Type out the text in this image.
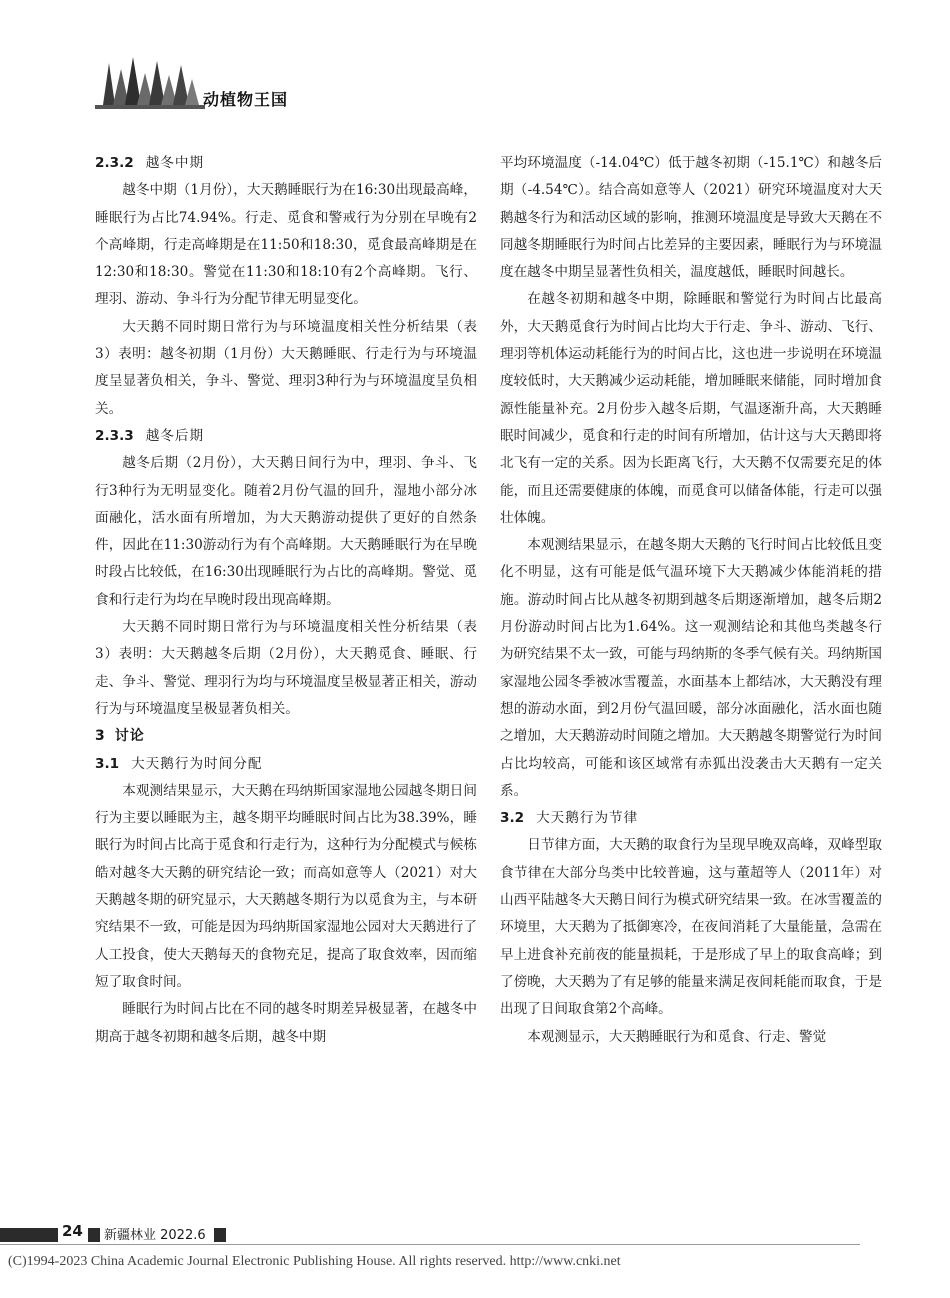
动植物王国
2.3.2 越冬中期

越冬中期（1月份），大天鹅睡眠行为在16:30出现最高峰，睡眠行为占比74.94%。行走、觅食和警戒行为分别在早晚有2个高峰期，行走高峰期是在11:50和18:30，觅食最高峰期是在12:30和18:30。警觉在11:30和18:10有2个高峰期。飞行、理羽、游动、争斗行为分配节律无明显变化。

大天鹅不同时期日常行为与环境温度相关性分析结果（表3）表明：越冬初期（1月份）大天鹅睡眠、行走行为与环境温度呈显著负相关，争斗、警觉、理羽3种行为与环境温度呈负相关。

2.3.3 越冬后期

越冬后期（2月份），大天鹅日间行为中，理羽、争斗、飞行3种行为无明显变化。随着2月份气温的回升，湿地小部分冰面融化，活水面有所增加，为大天鹅游动提供了更好的自然条件，因此在11:30游动行为有个高峰期。大天鹅睡眠行为在早晚时段占比较低，在16:30出现睡眠行为占比的高峰期。警觉、觅食和行走行为均在早晚时段出现高峰期。

大天鹅不同时期日常行为与环境温度相关性分析结果（表3）表明：大天鹅越冬后期（2月份），大天鹅觅食、睡眠、行走、争斗、警觉、理羽行为均与环境温度呈极显著正相关，游动行为与环境温度呈极显著负相关。

3 讨论
3.1 大天鹅行为时间分配

本观测结果显示，大天鹅在玛纳斯国家湿地公园越冬期日间行为主要以睡眠为主，越冬期平均睡眠时间占比为38.39%，睡眠行为时间占比高于觅食和行走行为，这种行为分配模式与候栋皓对越冬大天鹅的研究结论一致；而高如意等人（2021）对大天鹅越冬期的研究显示，大天鹅越冬期行为以觅食为主，与本研究结果不一致，可能是因为玛纳斯国家湿地公园对大天鹅进行了人工投食，使大天鹅每天的食物充足，提高了取食效率，因而缩短了取食时间。

睡眠行为时间占比在不同的越冬时期差异极显著，在越冬中期高于越冬初期和越冬后期，越冬中期

平均环境温度（-14.04℃）低于越冬初期（-15.1℃）和越冬后期（-4.54℃）。结合高如意等人（2021）研究环境温度对大天鹅越冬行为和活动区域的影响，推测环境温度是导致大天鹅在不同越冬期睡眠行为时间占比差异的主要因素，睡眠行为与环境温度在越冬中期呈显著性负相关，温度越低，睡眠时间越长。

在越冬初期和越冬中期，除睡眠和警觉行为时间占比最高外，大天鹅觅食行为时间占比均大于行走、争斗、游动、飞行、理羽等机体运动耗能行为的时间占比，这也进一步说明在环境温度较低时，大天鹅减少运动耗能，增加睡眠来储能，同时增加食源性能量补充。2月份步入越冬后期，气温逐渐升高，大天鹅睡眠时间减少，觅食和行走的时间有所增加，估计这与大天鹅即将北飞有一定的关系。因为长距离飞行，大天鹅不仅需要充足的体能，而且还需要健康的体魄，而觅食可以储备体能，行走可以强壮体魄。

本观测结果显示，在越冬期大天鹅的飞行时间占比较低且变化不明显，这有可能是低气温环境下大天鹅减少体能消耗的措施。游动时间占比从越冬初期到越冬后期逐渐增加，越冬后期2月份游动时间占比为1.64%。这一观测结论和其他鸟类越冬行为研究结果不太一致，可能与玛纳斯的冬季气候有关。玛纳斯国家湿地公园冬季被冰雪覆盖，水面基本上都结冰，大天鹅没有理想的游动水面，到2月份气温回暖，部分冰面融化，活水面也随之增加，大天鹅游动时间随之增加。大天鹅越冬期警觉行为时间占比均较高，可能和该区域常有赤狐出没袭击大天鹅有一定关系。

3.2 大天鹅行为节律

日节律方面，大天鹅的取食行为呈现早晚双高峰，双峰型取食节律在大部分鸟类中比较普遍，这与董超等人（2011年）对山西平陆越冬大天鹅日间行为模式研究结果一致。在冰雪覆盖的环境里，大天鹅为了抵御寒冷，在夜间消耗了大量能量，急需在早上进食补充前夜的能量损耗，于是形成了早上的取食高峰；到了傍晚，大天鹅为了有足够的能量来满足夜间耗能而取食，于是出现了日间取食第2个高峰。

本观测显示，大天鹅睡眠行为和觅食、行走、警觉

24 新疆林业 2022.6
(C)1994-2023 China Academic Journal Electronic Publishing House. All rights reserved. http://www.cnki.net
